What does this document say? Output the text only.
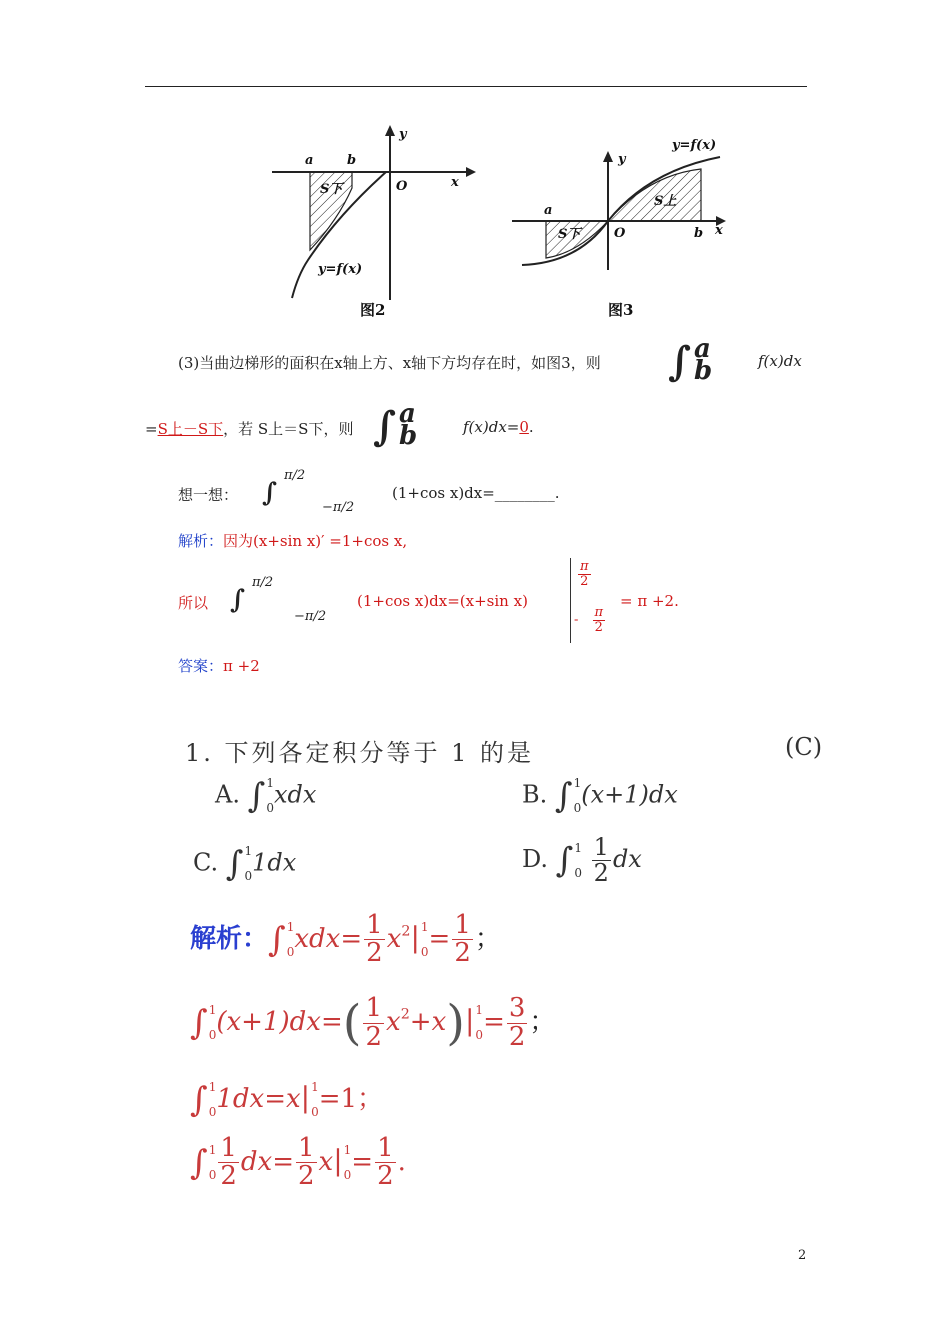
a	b
y
x
O
S下
y=f(x)
图2
a
b
y
x
O
S下
S上
y=f(x)
图3
(3)当曲边梯形的面积在x轴上方、x轴下方均存在时，如图3，则 ∫ a
b	f(x)dx
=S上－S下，若 S上＝S下，则 ∫ a
b	f(x)dx=0.
想一想： ∫
π/2
−π/2
(1+cos x)dx=________.
解析：因为(x+sin x)′ =1+cos x,
所以 ∫
π/2
−π/2
(1+cos x)dx=(x+sin x)
$\frac{\pi}{2}$
- $\frac{\pi}{2}$
= π +2.
答案：π +2
1. 下列各定积分等于 1 的是	(C)
A. ∫ 1
0 xdx	B. ∫ 1
0 (x+1)dx
C. ∫ 1
0 1dx	D. ∫ 1
0
$\frac{1}{2}$ dx
解析：∫ 1
0 $xdx= \frac{1}{2} x^2|$ 1
$0 = \frac{1}{2}$ ；
∫ 1
0 $(x+1)dx=( \frac{1}{2} x^2+x)|$ 1
$0 = \frac{3}{2}$ ；
∫ 1
0 1dx=x| 1
0 =1；
∫ 1
$0 \frac{1}{2} dx= \frac{1}{2} x|$ 1
$0 = \frac{1}{2}$ .
2
